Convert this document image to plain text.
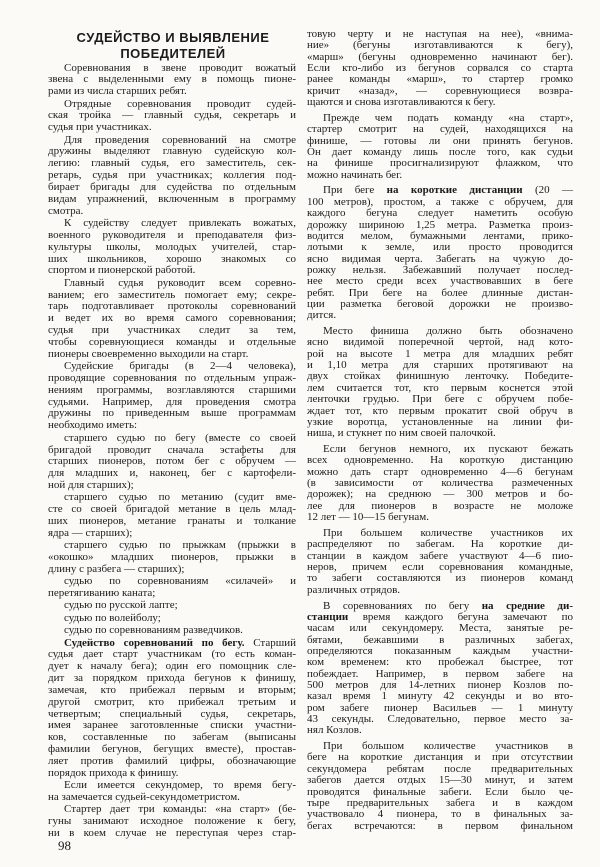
СУДЕЙСТВО И ВЫЯВЛЕНИЕ
ПОБЕДИТЕЛЕЙ
Соревнования в звене проводит вожатый
звена с выделенными ему в помощь пионе-
рами из числа старших ребят.
Отрядные соревнования проводит судей-
ская тройка — главный судья, секретарь и
судья при участниках.
Для проведения соревнований на смотре
дружины выделяют главную судейскую кол-
легию: главный судья, его заместитель, сек-
ретарь, судья при участниках; коллегия под-
бирает бригады для судейства по отдельным
видам упражнений, включенным в программу
смотра.
К судейству следует привлекать вожатых,
военного руководителя и преподавателя физ-
культуры школы, молодых учителей, стар-
ших школьников, хорошо знакомых со
спортом и пионерской работой.
Главный судья руководит всем соревно-
ванием; его заместитель помогает ему; секре-
тарь подготавливает протоколы соревнований
и ведет их во время самого соревнования;
судья при участниках следит за тем,
чтобы соревнующиеся команды и отдельные
пионеры своевременно выходили на старт.
Судейские бригады (в 2—4 человека),
проводящие соревнования по отдельным упраж-
нениям программы, возглавляются старшими
судьями. Например, для проведения смотра
дружины по приведенным выше программам
необходимо иметь:
старшего судью по бегу (вместе со своей
бригадой проводит сначала эстафеты для
старших пионеров, потом бег с обручем —
для младших и, наконец, бег с картофели-
ной для старших);
старшего судью по метанию (судит вме-
сте со своей бригадой метание в цель млад-
ших пионеров, метание гранаты и толкание
ядра — старших);
старшего судью по прыжкам (прыжки в
«окошко» младших пионеров, прыжки в
длину с разбега — старших);
судью по соревнованиям «силачей» и
перетягиванию каната;
судью по русской лапте;
судью по волейболу;
судью по соревнованиям разведчиков.
Судейство соревнований по бегу. Старший
судья дает старт участникам (то есть коман-
дует к началу бега); один его помощник сле-
дит за порядком прихода бегунов к финишу,
замечая, кто прибежал первым и вторым;
другой смотрит, кто прибежал третьим и
четвертым; специальный судья, секретарь,
имея заранее заготовленные списки участни-
ков, составленные по забегам (выписаны
фамилии бегунов, бегущих вместе), простав-
ляет против фамилий цифры, обозначающие
порядок прихода к финишу.
Если имеется секундомер, то время бегу-
на замечается судьей-секундометристом.
Стартер дает три команды: «на старт» (бе-
гуны занимают исходное положение к бегу,
ни в коем случае не переступая через стар-
товую черту и не наступая на нее), «внима-
ние» (бегуны изготавливаются к бегу),
«марш» (бегуны одновременно начинают бег).
Если кто-либо из бегунов сорвался со старта
ранее команды «марш», то стартер громко
кричит «назад», — соревнующиеся возвра-
щаются и снова изготавливаются к бегу.
Прежде чем подать команду «на старт»,
стартер смотрит на судей, находящихся на
финише, — готовы ли они принять бегунов.
Он дает команду лишь после того, как судьи
на финише просигнализируют флажком, что
можно начинать бег.
При беге на короткие дистанции (20 —
100 метров), простом, а также с обручем, для
каждого бегуна следует наметить особую
дорожку шириною 1,25 метра. Разметка произ-
водится мелом, бумажными лентами, прико-
лотыми к земле, или просто проводится
ясно видимая черта. Забегать на чужую до-
рожку нельзя. Забежавший получает послед-
нее место среди всех участвовавших в беге
ребят. При беге на более длинные дистан-
ции разметка беговой дорожки не произво-
дится.
Место финиша должно быть обозначено
ясно видимой поперечной чертой, над кото-
рой на высоте 1 метра для младших ребят
и 1,10 метра для старших протягивают на
двух стойках финишную ленточку. Победите-
лем считается тот, кто первым коснется этой
ленточки грудью. При беге с обручем побе-
ждает тот, кто первым прокатит свой обруч в
узкие воротца, установленные на линии фи-
ниша, и стукнет по ним своей палочкой.
Если бегунов немного, их пускают бежать
всех одновременно. На короткую дистанцию
можно дать старт одновременно 4—6 бегунам
(в зависимости от количества размеченных
дорожек); на среднюю — 300 метров и бо-
лее для пионеров в возрасте не моложе
12 лет — 10—15 бегунам.
При большем количестве участников их
распределяют по забегам. На короткие ди-
станции в каждом забеге участвуют 4—6 пио-
неров, причем если соревнования командные,
то забеги составляются из пионеров команд
различных отрядов.
В соревнованиях по бегу на средние ди-
станции время каждого бегуна замечают по
часам или секундомеру. Места, занятые ре-
бятами, бежавшими в различных забегах,
определяются показанным каждым участни-
ком временем: кто пробежал быстрее, тот
побеждает. Например, в первом забеге на
500 метров для 14-летних пионер Козлов по-
казал время 1 минуту 42 секунды и во вто-
ром забеге пионер Васильев — 1 минуту
43 секунды. Следовательно, первое место за-
нял Козлов.
При большом количестве участников в
беге на короткие дистанция и при отсутствии
секундомера ребятам после предварительных
забегов дается отдых 15—30 минут, и затем
проводятся финальные забеги. Если было че-
тыре предварительных забега и в каждом
участвовало 4 пионера, то в финальных за-
бегах встречаются: в первом финальном
98
